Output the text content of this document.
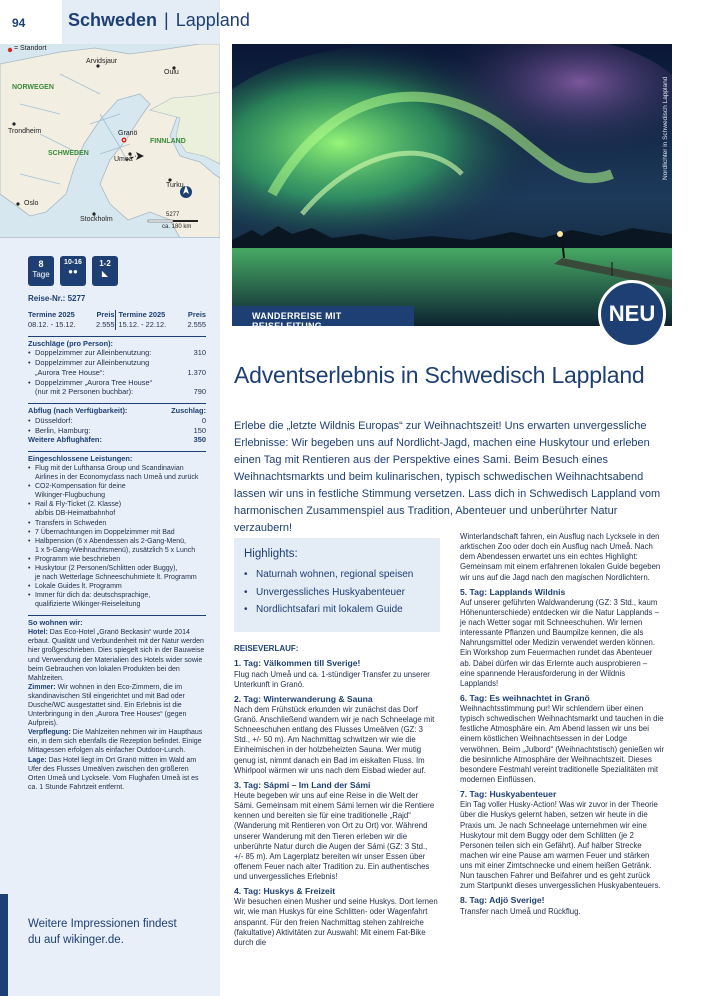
94	Schweden | Lappland
= Standort
Arvidsjaur
Oulu
Granö
Umeå
Trondheim
Turku
Oslo
Stockholm
NORWEGEN
SCHWEDEN
FINNLAND
5277
ca. 180 km
8
Tage
10-16
●●
1-2
◣
Reise-Nr.: 5277
Termine 2025	Preis	Termine 2025	Preis
08.12. - 15.12.	2.555	15.12. - 22.12.	2.555
Zuschläge (pro Person):
• Doppelzimmer zur Alleinbenutzung:	310
• Doppelzimmer zur Alleinbenutzung
„Aurora Tree House“:	1.370
• Doppelzimmer „Aurora Tree House“
(nur mit 2 Personen buchbar):	790
Abflug (nach Verfügbarkeit):	Zuschlag:
• Düsseldorf:	0
• Berlin, Hamburg:	150
Weitere Abflughäfen:	350
Eingeschlossene Leistungen:
• Flug mit der Lufthansa Group und Scandinavian
Airlines in der Economyclass nach Umeå und zurück
• CO2-Kompensation für deine
Wikinger-Flugbuchung
• Rail & Fly-Ticket (2. Klasse)
ab/bis DB-Heimatbahnhof
• Transfers in Schweden
• 7 Übernachtungen im Doppelzimmer mit Bad
• Halbpension (6 x Abendessen als 2-Gang-Menü,
1 x 5-Gang-Weihnachtsmenü), zusätzlich 5 x Lunch
• Programm wie beschrieben
• Huskytour (2 Personen/Schlitten oder Buggy),
je nach Wetterlage Schneeschuhmiete lt. Programm
• Lokale Guides lt. Programm
• Immer für dich da: deutschsprachige,
qualifizierte Wikinger-Reiseleitung
So wohnen wir:

Hotel: Das Eco-Hotel „Granö Beckasin“ wurde 2014 erbaut. Qualität und Verbundenheit mit der Natur werden hier großgeschrieben. Dies spiegelt sich in der Bauweise und Verwendung der Materialien des Hotels wider sowie beim Gebrauchen von lokalen Produkten bei den Mahlzeiten.

Zimmer: Wir wohnen in den Eco-Zimmern, die im skandinavischen Stil eingerichtet und mit Bad oder Dusche/WC ausgestattet sind. Ein Erlebnis ist die Unterbringung in den „Aurora Tree Houses“ (gegen Aufpreis).

Verpflegung: Die Mahlzeiten nehmen wir im Haupthaus ein, in dem sich ebenfalls die Rezeption befindet. Einige Mittagessen erfolgen als einfacher Outdoor-Lunch.

Lage: Das Hotel liegt im Ort Granö mitten im Wald am Ufer des Flusses Umeälven zwischen den größeren Orten Umeå und Lycksele. Vom Flughafen Umeå ist es ca. 1 Stunde Fahrtzeit entfernt.

Weitere Impressionen findest
du auf wikinger.de.
Nordlichter in Schwedisch Lappland
WANDERREISE MIT REISELEITUNG	NEU
Adventserlebnis in Schwedisch Lappland
Erlebe die „letzte Wildnis Europas“ zur Weihnachtszeit! Uns erwarten unvergessliche Erlebnisse: Wir begeben uns auf Nordlicht-Jagd, machen eine Huskytour und erleben einen Tag mit Rentieren aus der Perspektive eines Sami. Beim Besuch eines Weihnachtsmarkts und beim kulinarischen, typisch schwedischen Weihnachtsabend lassen wir uns in festliche Stimmung versetzen. Lass dich in Schwedisch Lappland vom harmonischen Zusammenspiel aus Tradition, Abenteuer und unberührter Natur verzaubern!
Highlights:
• Naturnah wohnen, regional speisen
• Unvergessliches Huskyabenteuer
• Nordlichtsafari mit lokalem Guide
REISEVERLAUF:
1. Tag: Välkommen till Sverige!
Flug nach Umeå und ca. 1-stündiger Transfer zu unserer Unterkunft in Granö.
2. Tag: Winterwanderung & Sauna
Nach dem Frühstück erkunden wir zunächst das Dorf Granö. Anschließend wandern wir je nach Schneelage mit Schneeschuhen entlang des Flusses Umeälven (GZ: 3 Std., +/- 50 m). Am Nachmittag schwitzen wir wie die Einheimischen in der holzbeheizten Sauna. Wer mutig genug ist, nimmt danach ein Bad im eiskalten Fluss. Im Whirlpool wärmen wir uns nach dem Eisbad wieder auf.
3. Tag: Sápmi – Im Land der Sámi
Heute begeben wir uns auf eine Reise in die Welt der Sámi. Gemeinsam mit einem Sámi lernen wir die Rentiere kennen und bereiten sie für eine traditionelle „Rajd“ (Wanderung mit Rentieren von Ort zu Ort) vor. Während unserer Wanderung mit den Tieren erleben wir die unberührte Natur durch die Augen der Sámi (GZ: 3 Std., +/- 85 m). Am Lagerplatz bereiten wir unser Essen über offenem Feuer nach alter Tradition zu. Ein authentisches und unvergessliches Erlebnis!
4. Tag: Huskys & Freizeit
Wir besuchen einen Musher und seine Huskys. Dort lernen wir, wie man Huskys für eine Schlitten- oder Wagenfahrt anspannt. Für den freien Nachmittag stehen zahlreiche (fakultative) Aktivitäten zur Auswahl: Mit einem Fat-Bike durch die
Winterlandschaft fahren, ein Ausflug nach Lycksele in den arktischen Zoo oder doch ein Ausflug nach Umeå. Nach dem Abendessen erwartet uns ein echtes Highlight: Gemeinsam mit einem erfahrenen lokalen Guide begeben wir uns auf die Jagd nach den magischen Nordlichtern.
5. Tag: Lapplands Wildnis
Auf unserer geführten Waldwanderung (GZ: 3 Std., kaum Höhenunterschiede) entdecken wir die Natur Lapplands – je nach Wetter sogar mit Schneeschuhen. Wir lernen interessante Pflanzen und Baumpilze kennen, die als Nahrungsmittel oder Medizin verwendet werden können. Ein Workshop zum Feuermachen rundet das Abenteuer ab. Dabei dürfen wir das Erlernte auch ausprobieren – eine spannende Herausforderung in der Wildnis Lapplands!
6. Tag: Es weihnachtet in Granö
Weihnachtsstimmung pur! Wir schlendern über einen typisch schwedischen Weihnachtsmarkt und tauchen in die festliche Atmosphäre ein. Am Abend lassen wir uns bei einem köstlichen Weihnachtsessen in der Lodge verwöhnen. Beim „Julbord“ (Weihnachtstisch) genießen wir die besinnliche Atmosphäre der Weihnachtszeit. Dieses besondere Festmahl vereint traditionelle Spezialitäten mit modernen Einflüssen.
7. Tag: Huskyabenteuer
Ein Tag voller Husky-Action! Was wir zuvor in der Theorie über die Huskys gelernt haben, setzen wir heute in die Praxis um. Je nach Schneelage unternehmen wir eine Huskytour mit dem Buggy oder dem Schlitten (je 2 Personen teilen sich ein Gefährt). Auf halber Strecke machen wir eine Pause am warmen Feuer und stärken uns mit einer Zimtschnecke und einem heißen Getränk. Nun tauschen Fahrer und Beifahrer und es geht zurück zum Startpunkt dieses unvergesslichen Huskyabenteuers.
8. Tag: Adjö Sverige!
Transfer nach Umeå und Rückflug.
